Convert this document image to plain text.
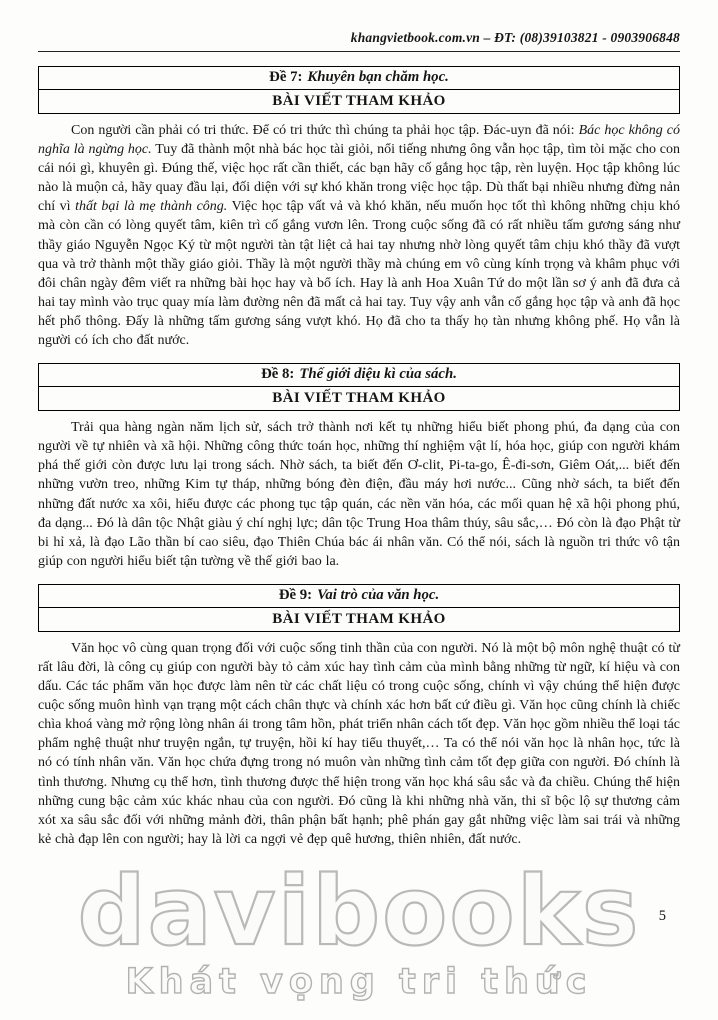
khangvietbook.com.vn – ĐT: (08)39103821 - 0903906848
Đề 7: Khuyên bạn chăm học.
BÀI VIẾT THAM KHẢO

Con người cần phải có tri thức. Để có tri thức thì chúng ta phải học tập. Đác-uyn đã nói: Bác học không có nghĩa là ngừng học. Tuy đã thành một nhà bác học tài giỏi, nổi tiếng nhưng ông vẫn học tập, tìm tòi mặc cho con cái nói gì, khuyên gì. Đúng thế, việc học rất cần thiết, các bạn hãy cố gắng học tập, rèn luyện. Học tập không lúc nào là muộn cả, hãy quay đầu lại, đối diện với sự khó khăn trong việc học tập. Dù thất bại nhiều nhưng đừng nản chí vì thất bại là mẹ thành công. Việc học tập vất vả và khó khăn, nếu muốn học tốt thì không những chịu khó mà còn cần có lòng quyết tâm, kiên trì cố gắng vươn lên. Trong cuộc sống đã có rất nhiều tấm gương sáng như thầy giáo Nguyễn Ngọc Ký từ một người tàn tật liệt cả hai tay nhưng nhờ lòng quyết tâm chịu khó thầy đã vượt qua và trở thành một thầy giáo giỏi. Thầy là một người thầy mà chúng em vô cùng kính trọng và khâm phục với đôi chân ngày đêm viết ra những bài học hay và bổ ích. Hay là anh Hoa Xuân Tứ do một lần sơ ý anh đã đưa cả hai tay mình vào trục quay mía làm đường nên đã mất cả hai tay. Tuy vậy anh vẫn cố gắng học tập và anh đã học hết phổ thông. Đấy là những tấm gương sáng vượt khó. Họ đã cho ta thấy họ tàn nhưng không phế. Họ vẫn là người có ích cho đất nước.

Đề 8: Thế giới diệu kì của sách.
BÀI VIẾT THAM KHẢO

Trải qua hàng ngàn năm lịch sử, sách trở thành nơi kết tụ những hiểu biết phong phú, đa dạng của con người về tự nhiên và xã hội. Những công thức toán học, những thí nghiệm vật lí, hóa học, giúp con người khám phá thế giới còn được lưu lại trong sách. Nhờ sách, ta biết đến Ơ-clit, Pi-ta-go, Ê-đi-sơn, Giêm Oát,... biết đến những vườn treo, những Kim tự tháp, những bóng đèn điện, đầu máy hơi nước... Cũng nhờ sách, ta biết đến những đất nước xa xôi, hiểu được các phong tục tập quán, các nền văn hóa, các mối quan hệ xã hội phong phú, đa dạng... Đó là dân tộc Nhật giàu ý chí nghị lực; dân tộc Trung Hoa thâm thúy, sâu sắc,… Đó còn là đạo Phật từ bi hỉ xả, là đạo Lão thần bí cao siêu, đạo Thiên Chúa bác ái nhân văn. Có thể nói, sách là nguồn tri thức vô tận giúp con người hiểu biết tận tường về thế giới bao la.

Đề 9: Vai trò của văn học.
BÀI VIẾT THAM KHẢO

Văn học vô cùng quan trọng đối với cuộc sống tinh thần của con người. Nó là một bộ môn nghệ thuật có từ rất lâu đời, là công cụ giúp con người bày tỏ cảm xúc hay tình cảm của mình bằng những từ ngữ, kí hiệu và con dấu. Các tác phẩm văn học được làm nên từ các chất liệu có trong cuộc sống, chính vì vậy chúng thể hiện được cuộc sống muôn hình vạn trạng một cách chân thực và chính xác hơn bất cứ điều gì. Văn học cũng chính là chiếc chìa khoá vàng mở rộng lòng nhân ái trong tâm hồn, phát triển nhân cách tốt đẹp. Văn học gồm nhiều thể loại tác phẩm nghệ thuật như truyện ngắn, tự truyện, hồi kí hay tiểu thuyết,… Ta có thể nói văn học là nhân học, tức là nó có tính nhân văn. Văn học chứa đựng trong nó muôn vàn những tình cảm tốt đẹp giữa con người. Đó chính là tình thương. Nhưng cụ thể hơn, tình thương được thể hiện trong văn học khá sâu sắc và đa chiều. Chúng thể hiện những cung bậc cảm xúc khác nhau của con người. Đó cũng là khi những nhà văn, thi sĩ bộc lộ sự thương cảm xót xa sâu sắc đối với những mảnh đời, thân phận bất hạnh; phê phán gay gắt những việc làm sai trái và những kẻ chà đạp lên con người; hay là lời ca ngợi vẻ đẹp quê hương, thiên nhiên, đất nước.

5
davibooks
Khát vọng tri thức
